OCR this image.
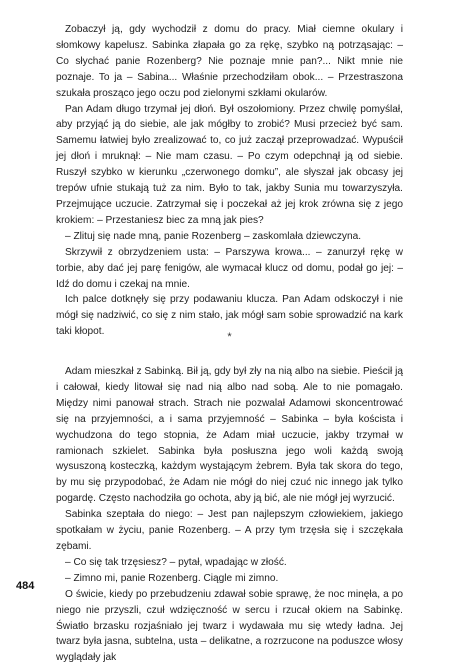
Zobaczył ją, gdy wychodził z domu do pracy. Miał ciemne okulary i słomkowy kapelusz. Sabinka złapała go za rękę, szybko ną potrząsając: – Co słychać panie Rozenberg? Nie poznaje mnie pan?... Nikt mnie nie poznaje. To ja – Sabina... Właśnie przechodziłam obok... – Przestraszona szukała prosząco jego oczu pod zielonymi szkłami okularów.

Pan Adam długo trzymał jej dłoń. Był oszołomiony. Przez chwilę pomyślał, aby przyjąć ją do siebie, ale jak mógłby to zrobić? Musi przecież być sam. Samemu łatwiej było zrealizować to, co już zaczął przeprowadzać. Wypuścił jej dłoń i mruknął: – Nie mam czasu. – Po czym odepchnął ją od siebie. Ruszył szybko w kierunku „czerwonego domku”, ale słyszał jak obcasy jej trepów ufnie stukają tuż za nim. Było to tak, jakby Sunia mu towarzyszyła. Przejmujące uczucie. Zatrzymał się i poczekał aż jej krok zrówna się z jego krokiem: – Przestaniesz biec za mną jak pies?

– Zlituj się nade mną, panie Rozenberg – zaskomlała dziewczyna.

Skrzywił z obrzydzeniem usta: – Parszywa krowa... – zanurzył rękę w torbie, aby dać jej parę fenigów, ale wymacał klucz od domu, podał go jej: – Idź do domu i czekaj na mnie.

Ich palce dotknęły się przy podawaniu klucza. Pan Adam odskoczył i nie mógł się nadziwić, co się z nim stało, jak mógł sam sobie sprowadzić na kark taki kłopot.	*

Adam mieszkał z Sabinką. Bił ją, gdy był zły na nią albo na siebie. Pieścił ją i całował, kiedy litował się nad nią albo nad sobą. Ale to nie pomagało. Między nimi panował strach. Strach nie pozwalał Adamowi skoncentrować się na przyjemności, a i sama przyjemność – Sabinka – była koścista i wychudzona do tego stopnia, że Adam miał uczucie, jakby trzymał w ramionach szkielet. Sabinka była posłuszna jego woli każdą swoją wysuszoną kosteczką, każdym wystającym żebrem. Była tak skora do tego, by mu się przypodobać, że Adam nie mógł do niej czuć nic innego jak tylko pogardę. Często nachodziła go ochota, aby ją bić, ale nie mógł jej wyrzucić.

Sabinka szeptała do niego: – Jest pan najlepszym człowiekiem, jakiego spotkałam w życiu, panie Rozenberg. – A przy tym trzęsła się i szczękała zębami.

– Co się tak trzęsiesz? – pytał, wpadając w złość.

– Zimno mi, panie Rozenberg. Ciągle mi zimno.

O świcie, kiedy po przebudzeniu zdawał sobie sprawę, że noc minęła, a po niego nie przyszli, czuł wdzięczność w sercu i rzucał okiem na Sabinkę. Światło brzasku rozjaśniało jej twarz i wydawała mu się wtedy ładna. Jej twarz była jasna, subtelna, usta – delikatne, a rozrzucone na poduszce włosy wyglądały jak

484
